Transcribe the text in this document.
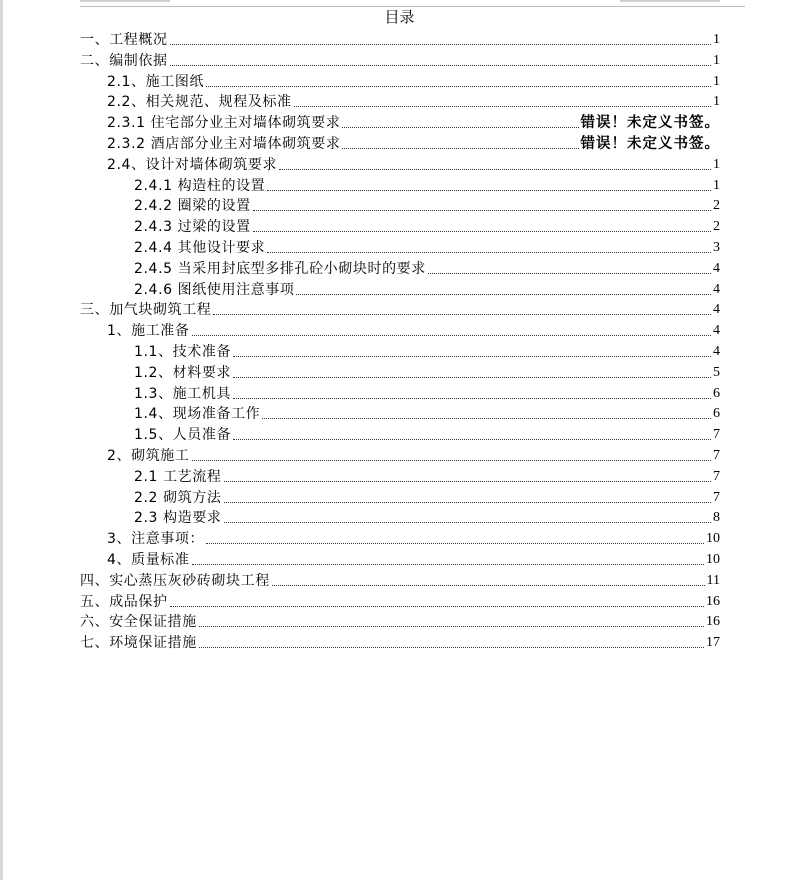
目录
一、工程概况	1
二、编制依据	1
2.1、施工图纸	1
2.2、相关规范、规程及标准	1
2.3.1 住宅部分业主对墙体砌筑要求	错误！未定义书签。
2.3.2 酒店部分业主对墙体砌筑要求	错误！未定义书签。
2.4、设计对墙体砌筑要求	1
2.4.1 构造柱的设置	1
2.4.2 圈梁的设置	2
2.4.3 过梁的设置	2
2.4.4 其他设计要求	3
2.4.5 当采用封底型多排孔砼小砌块时的要求	4
2.4.6 图纸使用注意事项	4
三、加气块砌筑工程	4
1、施工准备	4
1.1、技术准备	4
1.2、材料要求	5
1.3、施工机具	6
1.4、现场准备工作	6
1.5、人员准备	7
2、砌筑施工	7
2.1 工艺流程	7
2.2 砌筑方法	7
2.3 构造要求	8
3、注意事项：	10
4、质量标准	10
四、实心蒸压灰砂砖砌块工程	11
五、成品保护	16
六、安全保证措施	16
七、环境保证措施	17
